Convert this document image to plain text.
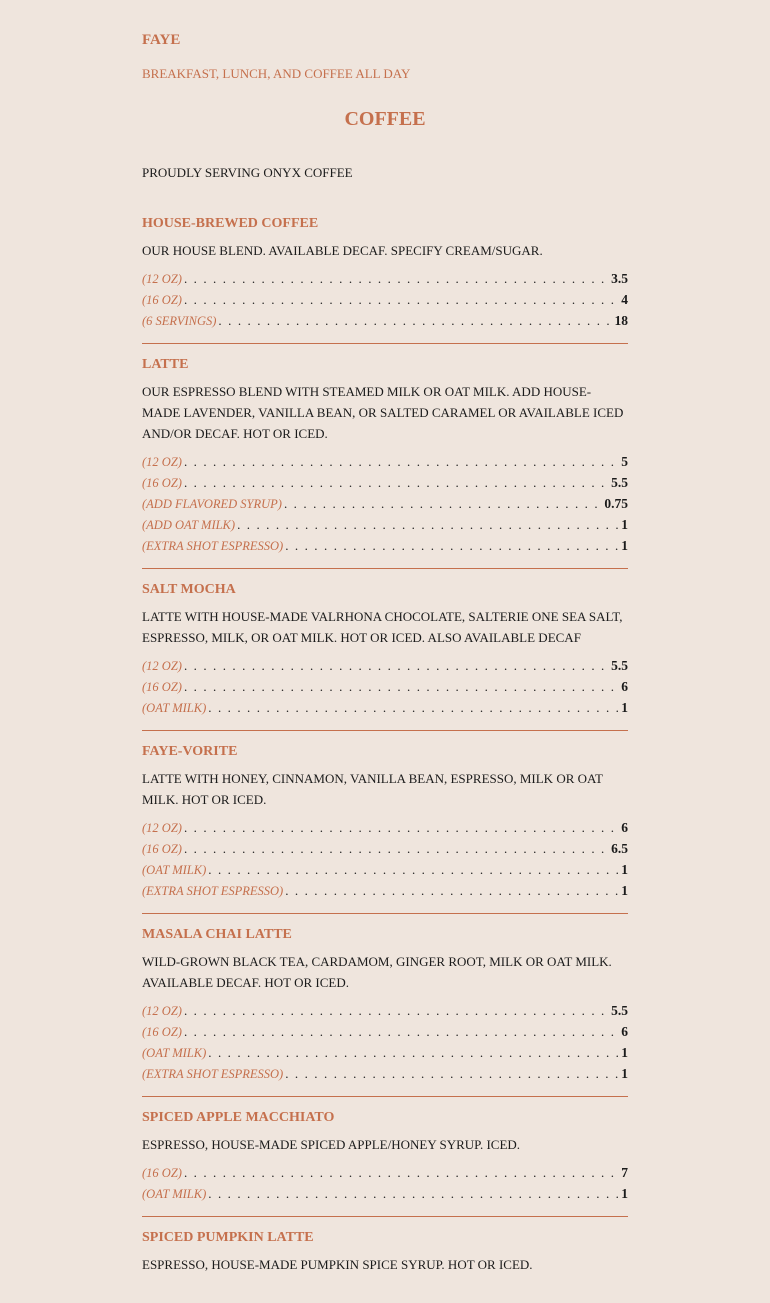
FAYE
BREAKFAST, LUNCH, AND COFFEE ALL DAY
COFFEE
PROUDLY SERVING ONYX COFFEE
HOUSE-BREWED COFFEE
OUR HOUSE BLEND. AVAILABLE DECAF. SPECIFY CREAM/SUGAR.
(12 OZ) . . .	3.5
(16 OZ) . . .	4
(6 SERVINGS) . . .	18
LATTE
OUR ESPRESSO BLEND WITH STEAMED MILK OR OAT MILK. ADD HOUSE-MADE LAVENDER, VANILLA BEAN, OR SALTED CARAMEL OR AVAILABLE ICED AND/OR DECAF. HOT OR ICED.
(12 OZ) . . .	5
(16 OZ) . . .	5.5
(ADD FLAVORED SYRUP) . . .	0.75
(ADD OAT MILK) . . .	1
(EXTRA SHOT ESPRESSO) . . .	1
SALT MOCHA
LATTE WITH HOUSE-MADE VALRHONA CHOCOLATE, SALTERIE ONE SEA SALT, ESPRESSO, MILK, OR OAT MILK. HOT OR ICED. ALSO AVAILABLE DECAF
(12 OZ) . . .	5.5
(16 OZ) . . .	6
(OAT MILK) . . .	1
FAYE-VORITE
LATTE WITH HONEY, CINNAMON, VANILLA BEAN, ESPRESSO, MILK OR OAT MILK. HOT OR ICED.
(12 OZ) . . .	6
(16 OZ) . . .	6.5
(OAT MILK) . . .	1
(EXTRA SHOT ESPRESSO) . . .	1
MASALA CHAI LATTE
WILD-GROWN BLACK TEA, CARDAMOM, GINGER ROOT, MILK OR OAT MILK. AVAILABLE DECAF. HOT OR ICED.
(12 OZ) . . .	5.5
(16 OZ) . . .	6
(OAT MILK) . . .	1
(EXTRA SHOT ESPRESSO) . . .	1
SPICED APPLE MACCHIATO
ESPRESSO, HOUSE-MADE SPICED APPLE/HONEY SYRUP. ICED.
(16 OZ) . . .	7
(OAT MILK) . . .	1
SPICED PUMPKIN LATTE
ESPRESSO, HOUSE-MADE PUMPKIN SPICE SYRUP. HOT OR ICED.
